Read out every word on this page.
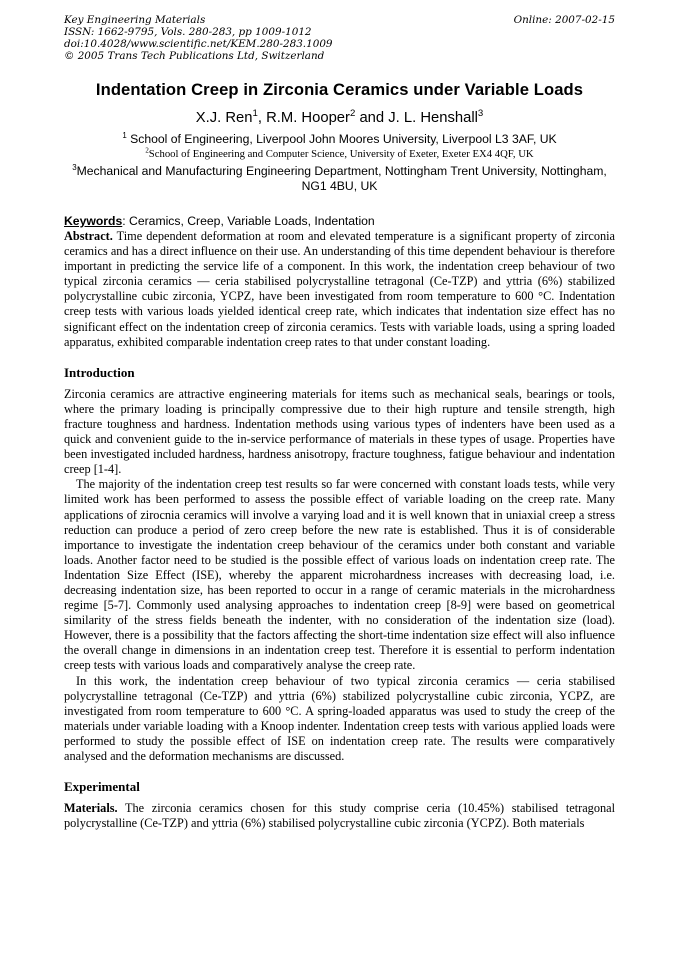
Key Engineering Materials
ISSN: 1662-9795, Vols. 280-283, pp 1009-1012
doi:10.4028/www.scientific.net/KEM.280-283.1009
© 2005 Trans Tech Publications Ltd, Switzerland
Online: 2007-02-15
Indentation Creep in Zirconia Ceramics under Variable Loads
X.J. Ren$^1$, R.M. Hooper$^2$ and J. L. Henshall$^3$
$^1$ School of Engineering, Liverpool John Moores University, Liverpool L3 3AF, UK
$^2$School of Engineering and Computer Science, University of Exeter, Exeter EX4 4QF, UK
$^3$Mechanical and Manufacturing Engineering Department, Nottingham Trent University, Nottingham, NG1 4BU, UK
Keywords: Ceramics, Creep, Variable Loads, Indentation

Abstract. Time dependent deformation at room and elevated temperature is a significant property of zirconia ceramics and has a direct influence on their use. An understanding of this time dependent behaviour is therefore important in predicting the service life of a component. In this work, the indentation creep behaviour of two typical zirconia ceramics — ceria stabilised polycrystalline tetragonal (Ce-TZP) and yttria (6%) stabilized polycrystalline cubic zirconia, YCPZ, have been investigated from room temperature to 600 °C. Indentation creep tests with various loads yielded identical creep rate, which indicates that indentation size effect has no significant effect on the indentation creep of zirconia ceramics. Tests with variable loads, using a spring loaded apparatus, exhibited comparable indentation creep rates to that under constant loading.

Introduction

Zirconia ceramics are attractive engineering materials for items such as mechanical seals, bearings or tools, where the primary loading is principally compressive due to their high rupture and tensile strength, high fracture toughness and hardness. Indentation methods using various types of indenters have been used as a quick and convenient guide to the in-service performance of materials in these types of usage. Properties have been investigated included hardness, hardness anisotropy, fracture toughness, fatigue behaviour and indentation creep [1-4].

The majority of the indentation creep test results so far were concerned with constant loads tests, while very limited work has been performed to assess the possible effect of variable loading on the creep rate. Many applications of zirocnia ceramics will involve a varying load and it is well known that in uniaxial creep a stress reduction can produce a period of zero creep before the new rate is established. Thus it is of considerable importance to investigate the indentation creep behaviour of the ceramics under both constant and variable loads. Another factor need to be studied is the possible effect of various loads on indentation creep rate. The Indentation Size Effect (ISE), whereby the apparent microhardness increases with decreasing load, i.e. decreasing indentation size, has been reported to occur in a range of ceramic materials in the microhardness regime [5-7]. Commonly used analysing approaches to indentation creep [8-9] were based on geometrical similarity of the stress fields beneath the indenter, with no consideration of the indentation size (load). However, there is a possibility that the factors affecting the short-time indentation size effect will also influence the overall change in dimensions in an indentation creep test. Therefore it is essential to perform indentation creep tests with various loads and comparatively analyse the creep rate.

In this work, the indentation creep behaviour of two typical zirconia ceramics — ceria stabilised polycrystalline tetragonal (Ce-TZP) and yttria (6%) stabilized polycrystalline cubic zirconia, YCPZ, are investigated from room temperature to 600 °C. A spring-loaded apparatus was used to study the creep of the materials under variable loading with a Knoop indenter. Indentation creep tests with various applied loads were performed to study the possible effect of ISE on indentation creep rate. The results were comparatively analysed and the deformation mechanisms are discussed.

Experimental

Materials. The zirconia ceramics chosen for this study comprise ceria (10.45%) stabilised tetragonal polycrystalline (Ce-TZP) and yttria (6%) stabilised polycrystalline cubic zirconia (YCPZ). Both materials
